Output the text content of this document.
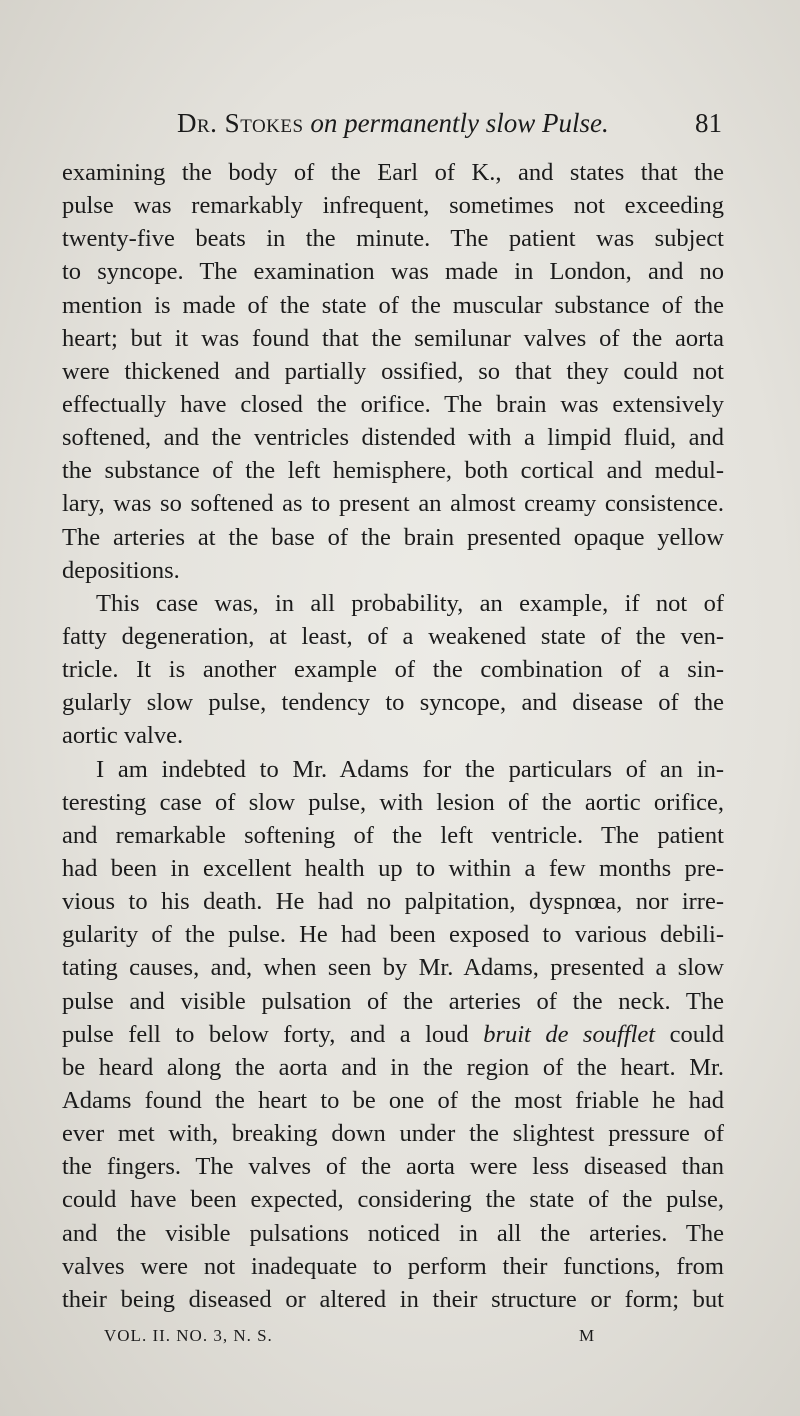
Dr. Stokes on permanently slow Pulse.	81
examining the body of the Earl of K., and states that the
pulse was remarkably infrequent, sometimes not exceeding
twenty-five beats in the minute. The patient was subject
to syncope. The examination was made in London, and no
mention is made of the state of the muscular substance of the
heart; but it was found that the semilunar valves of the aorta
were thickened and partially ossified, so that they could not
effectually have closed the orifice. The brain was extensively
softened, and the ventricles distended with a limpid fluid, and
the substance of the left hemisphere, both cortical and medul-
lary, was so softened as to present an almost creamy consistence.
The arteries at the base of the brain presented opaque yellow
depositions.
This case was, in all probability, an example, if not of
fatty degeneration, at least, of a weakened state of the ven-
tricle. It is another example of the combination of a sin-
gularly slow pulse, tendency to syncope, and disease of the
aortic valve.
I am indebted to Mr. Adams for the particulars of an in-
teresting case of slow pulse, with lesion of the aortic orifice,
and remarkable softening of the left ventricle. The patient
had been in excellent health up to within a few months pre-
vious to his death. He had no palpitation, dyspnœa, nor irre-
gularity of the pulse. He had been exposed to various debili-
tating causes, and, when seen by Mr. Adams, presented a slow
pulse and visible pulsation of the arteries of the neck. The
pulse fell to below forty, and a loud bruit de soufflet could
be heard along the aorta and in the region of the heart. Mr.
Adams found the heart to be one of the most friable he had
ever met with, breaking down under the slightest pressure of
the fingers. The valves of the aorta were less diseased than
could have been expected, considering the state of the pulse,
and the visible pulsations noticed in all the arteries. The
valves were not inadequate to perform their functions, from
their being diseased or altered in their structure or form; but
VOL. II. NO. 3, N. S.	M
